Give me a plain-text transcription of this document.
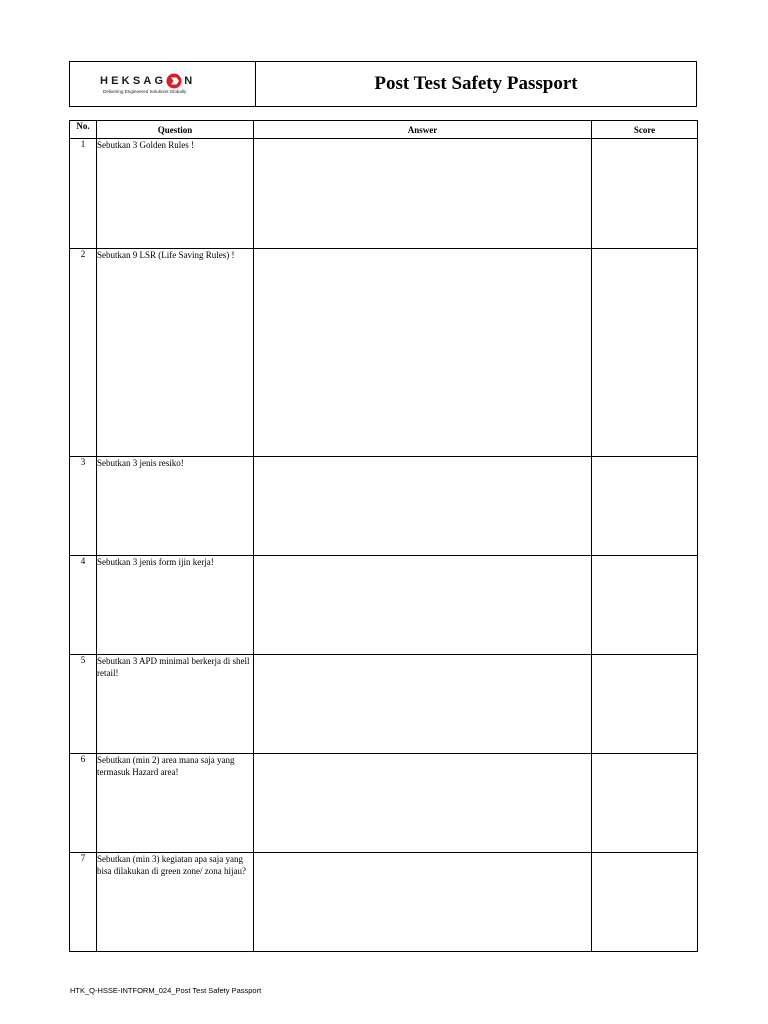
HEKSAG N
Delivering Engineered Solutions Globally	Post Test Safety Passport
No.	Question	Answer	Score
1	Sebutkan 3 Golden Rules !		
2	Sebutkan 9 LSR (Life Saving Rules) !		
3	Sebutkan 3 jenis resiko!		
4	Sebutkan 3 jenis form ijin kerja!		
5	Sebutkan 3 APD minimal berkerja di shell retail!		
6	Sebutkan (min 2) area mana saja yang termasuk Hazard area!		
7	Sebutkan (min 3) kegiatan apa saja yang bisa dilakukan di green zone/ zona hijau?		
HTK_Q-HSSE-INTFORM_024_Post Test Safety Passport
